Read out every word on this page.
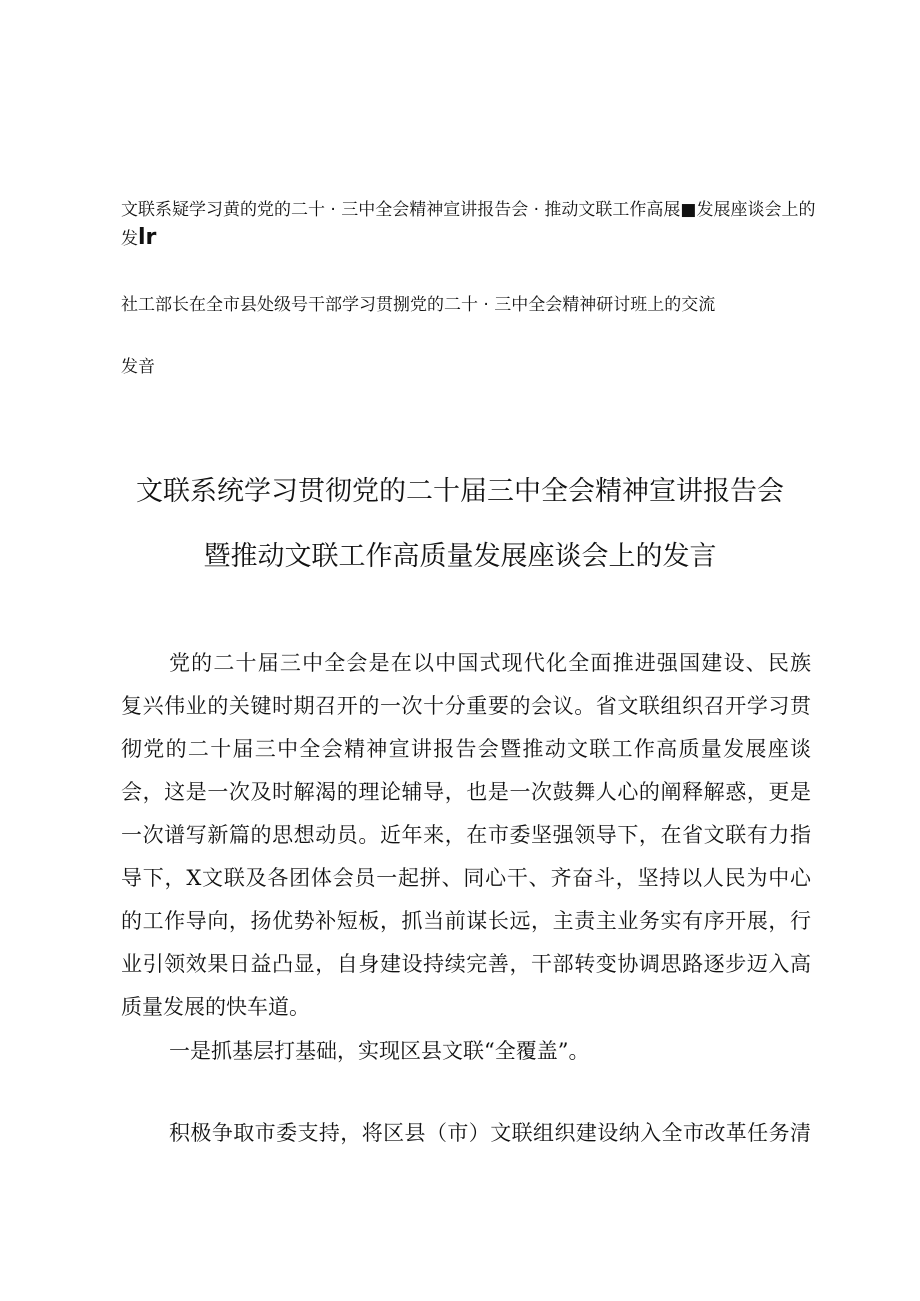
文联系疑学习黄的党的二十 · 三中全会精神宣讲报告会 · 推动文联工作高展■发展座谈会上的
发lr
社工部长在全市县处级号干部学习贯捌党的二十 · 三中全会精神研讨班上的交流
发音
文联系统学习贯彻党的二十届三中全会精神宣讲报告会
暨推动文联工作高质量发展座谈会上的发言
党的二十届三中全会是在以中国式现代化全面推进强国建设、民族
复兴伟业的关键时期召开的一次十分重要的会议。省文联组织召开学习贯
彻党的二十届三中全会精神宣讲报告会暨推动文联工作高质量发展座谈
会，这是一次及时解渴的理论辅导，也是一次鼓舞人心的阐释解惑，更是
一次谱写新篇的思想动员。近年来，在市委坚强领导下，在省文联有力指
导下，X文联及各团体会员一起拼、同心干、齐奋斗，坚持以人民为中心
的工作导向，扬优势补短板，抓当前谋长远，主责主业务实有序开展，行
业引领效果日益凸显，自身建设持续完善，干部转变协调思路逐步迈入高
质量发展的快车道。
一是抓基层打基础，实现区县文联“全覆盖”。
积极争取市委支持，将区县（市）文联组织建设纳入全市改革任务清
